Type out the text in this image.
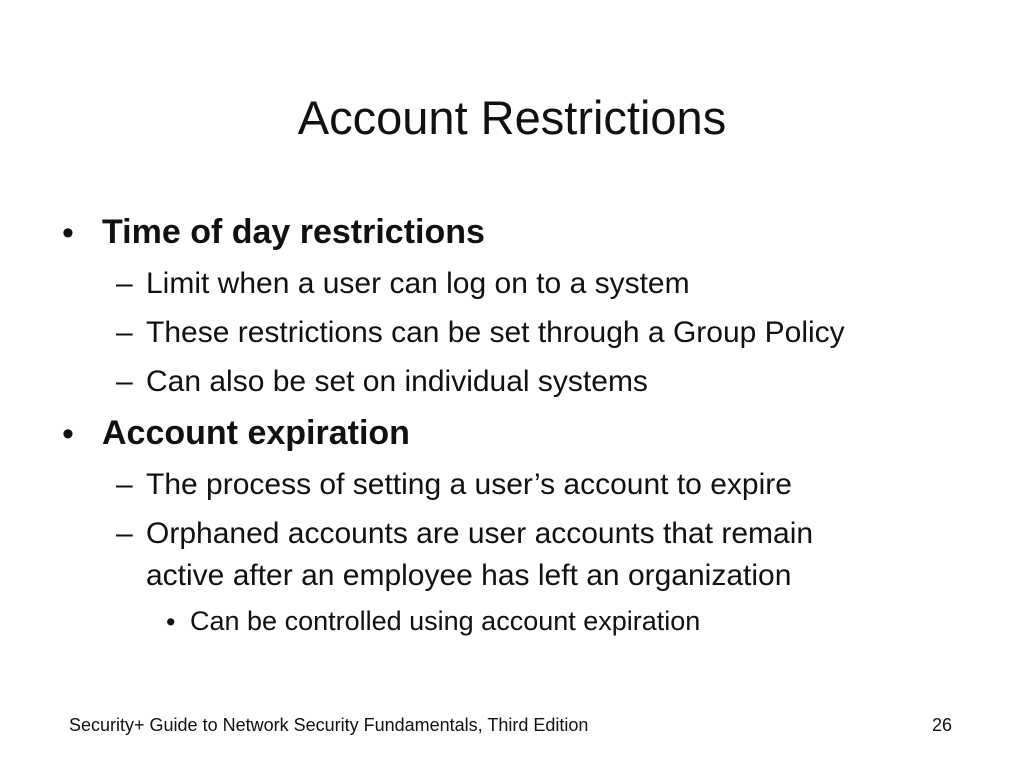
Account Restrictions
• Time of day restrictions
– Limit when a user can log on to a system
– These restrictions can be set through a Group Policy
– Can also be set on individual systems
• Account expiration
– The process of setting a user’s account to expire
– Orphaned accounts are user accounts that remain
active after an employee has left an organization
• Can be controlled using account expiration
Security+ Guide to Network Security Fundamentals, Third Edition	26
